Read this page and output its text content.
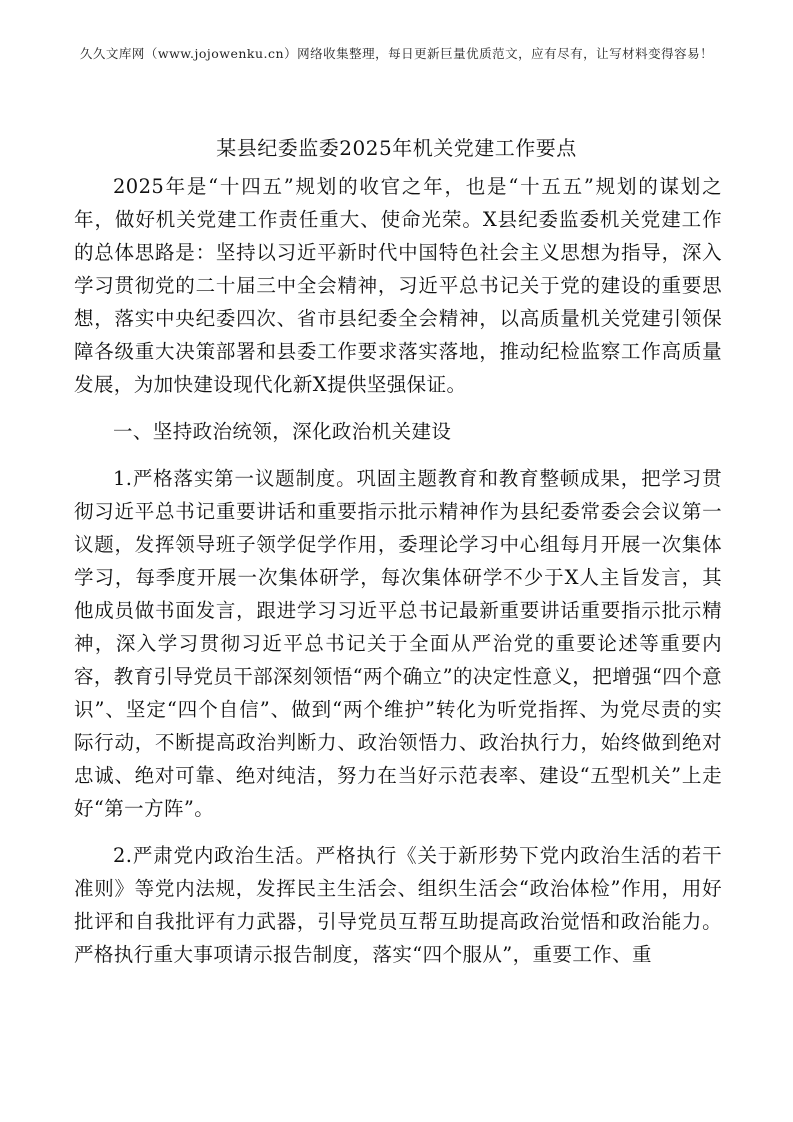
久久文库网（www.jojowenku.cn）网络收集整理，每日更新巨量优质范文，应有尽有，让写材料变得容易！
某县纪委监委2025年机关党建工作要点

2025年是“十四五”规划的收官之年，也是“十五五”规划的谋划之年，做好机关党建工作责任重大、使命光荣。X县纪委监委机关党建工作的总体思路是：坚持以习近平新时代中国特色社会主义思想为指导，深入学习贯彻党的二十届三中全会精神，习近平总书记关于党的建设的重要思想，落实中央纪委四次、省市县纪委全会精神，以高质量机关党建引领保障各级重大决策部署和县委工作要求落实落地，推动纪检监察工作高质量发展，为加快建设现代化新X提供坚强保证。

一、坚持政治统领，深化政治机关建设

1.严格落实第一议题制度。巩固主题教育和教育整顿成果，把学习贯彻习近平总书记重要讲话和重要指示批示精神作为县纪委常委会会议第一议题，发挥领导班子领学促学作用，委理论学习中心组每月开展一次集体学习，每季度开展一次集体研学，每次集体研学不少于X人主旨发言，其他成员做书面发言，跟进学习习近平总书记最新重要讲话重要指示批示精神，深入学习贯彻习近平总书记关于全面从严治党的重要论述等重要内容，教育引导党员干部深刻领悟“两个确立”的决定性意义，把增强“四个意识”、坚定“四个自信”、做到“两个维护”转化为听党指挥、为党尽责的实际行动，不断提高政治判断力、政治领悟力、政治执行力，始终做到绝对忠诚、绝对可靠、绝对纯洁，努力在当好示范表率、建设“五型机关”上走好“第一方阵”。

2.严肃党内政治生活。严格执行《关于新形势下党内政治生活的若干准则》等党内法规，发挥民主生活会、组织生活会“政治体检”作用，用好批评和自我批评有力武器，引导党员互帮互助提高政治觉悟和政治能力。严格执行重大事项请示报告制度，落实“四个服从”，重要工作、重
